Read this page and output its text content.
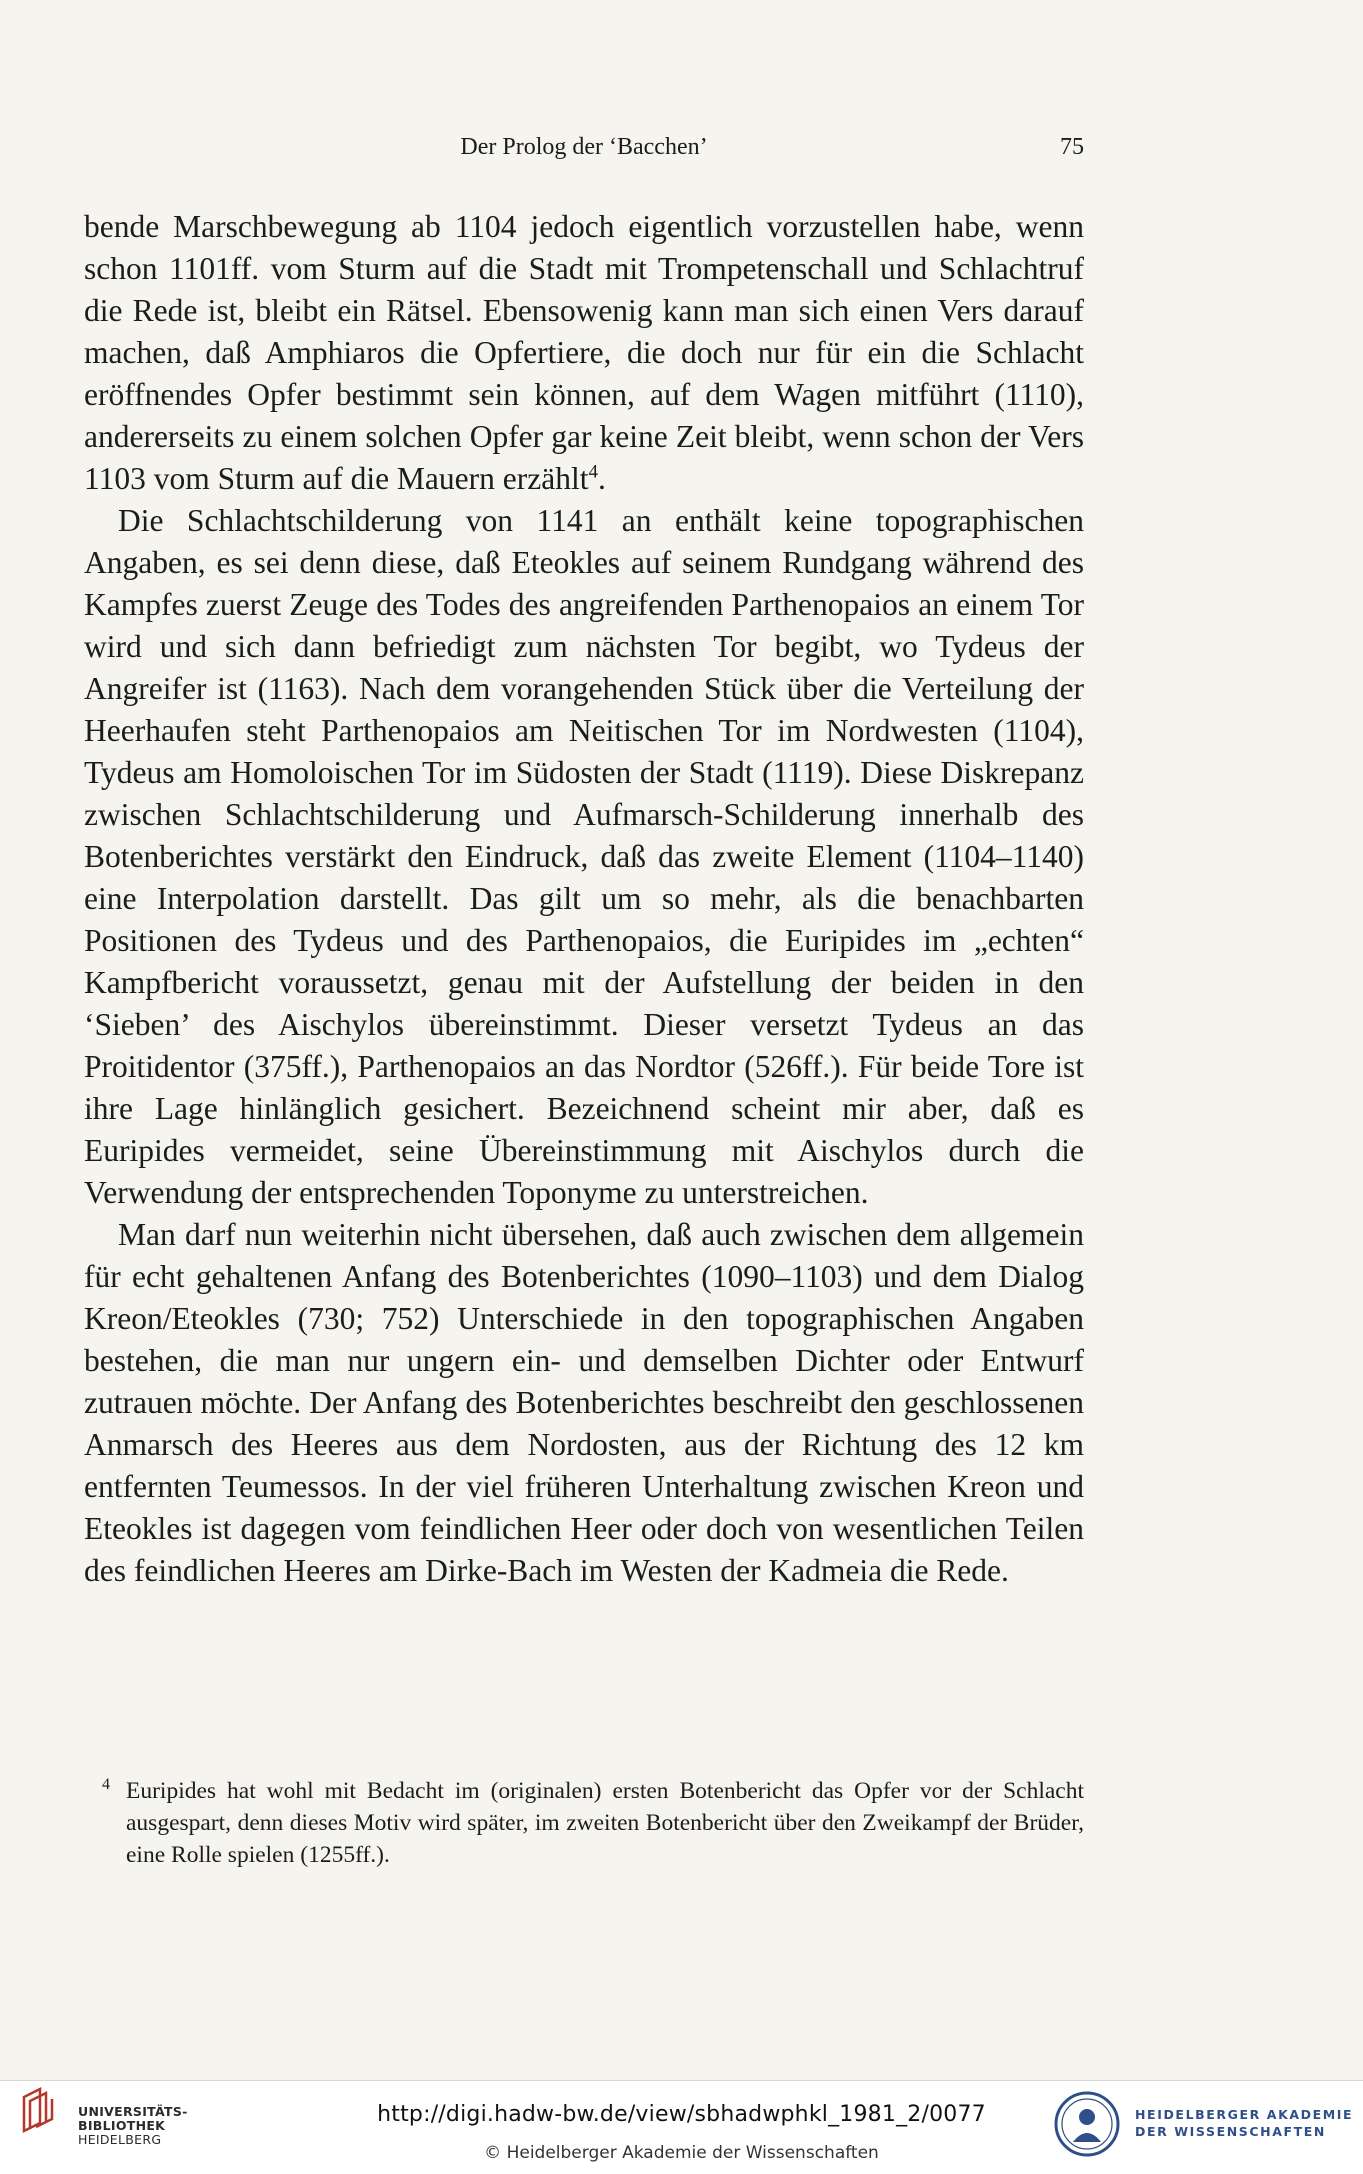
Der Prolog der ‘Bacchen’	75

bende Marschbewegung ab 1104 jedoch eigentlich vorzustellen habe, wenn schon 1101ff. vom Sturm auf die Stadt mit Trompetenschall und Schlachtruf die Rede ist, bleibt ein Rätsel. Ebensowenig kann man sich einen Vers darauf machen, daß Amphiaros die Opfertiere, die doch nur für ein die Schlacht eröffnendes Opfer bestimmt sein können, auf dem Wagen mitführt (1110), andererseits zu einem solchen Opfer gar keine Zeit bleibt, wenn schon der Vers 1103 vom Sturm auf die Mauern erzählt$^4$.

Die Schlachtschilderung von 1141 an enthält keine topographischen Angaben, es sei denn diese, daß Eteokles auf seinem Rundgang während des Kampfes zuerst Zeuge des Todes des angreifenden Parthenopaios an einem Tor wird und sich dann befriedigt zum nächsten Tor begibt, wo Tydeus der Angreifer ist (1163). Nach dem vorangehenden Stück über die Verteilung der Heerhaufen steht Parthenopaios am Neitischen Tor im Nordwesten (1104), Tydeus am Homoloischen Tor im Südosten der Stadt (1119). Diese Diskrepanz zwischen Schlachtschilderung und Aufmarsch-Schilderung innerhalb des Botenberichtes verstärkt den Eindruck, daß das zweite Element (1104–1140) eine Interpolation darstellt. Das gilt um so mehr, als die benachbarten Positionen des Tydeus und des Parthenopaios, die Euripides im „echten“ Kampfbericht voraussetzt, genau mit der Aufstellung der beiden in den ‘Sieben’ des Aischylos übereinstimmt. Dieser versetzt Tydeus an das Proitidentor (375ff.), Parthenopaios an das Nordtor (526ff.). Für beide Tore ist ihre Lage hinlänglich gesichert. Bezeichnend scheint mir aber, daß es Euripides vermeidet, seine Übereinstimmung mit Aischylos durch die Verwendung der entsprechenden Toponyme zu unterstreichen.

Man darf nun weiterhin nicht übersehen, daß auch zwischen dem allgemein für echt gehaltenen Anfang des Botenberichtes (1090–1103) und dem Dialog Kreon/Eteokles (730; 752) Unterschiede in den topographischen Angaben bestehen, die man nur ungern ein- und demselben Dichter oder Entwurf zutrauen möchte. Der Anfang des Botenberichtes beschreibt den geschlossenen Anmarsch des Heeres aus dem Nordosten, aus der Richtung des 12 km entfernten Teumessos. In der viel früheren Unterhaltung zwischen Kreon und Eteokles ist dagegen vom feindlichen Heer oder doch von wesentlichen Teilen des feindlichen Heeres am Dirke-Bach im Westen der Kadmeia die Rede.

4 Euripides hat wohl mit Bedacht im (originalen) ersten Botenbericht das Opfer vor der Schlacht ausgespart, denn dieses Motiv wird später, im zweiten Botenbericht über den Zweikampf der Brüder, eine Rolle spielen (1255ff.).

UNIVERSITÄTS-
BIBLIOTHEK
HEIDELBERG
http://digi.hadw-bw.de/view/sbhadwphkl_1981_2/0077
© Heidelberger Akademie der Wissenschaften
HEIDELBERGER AKADEMIE
DER WISSENSCHAFTEN
